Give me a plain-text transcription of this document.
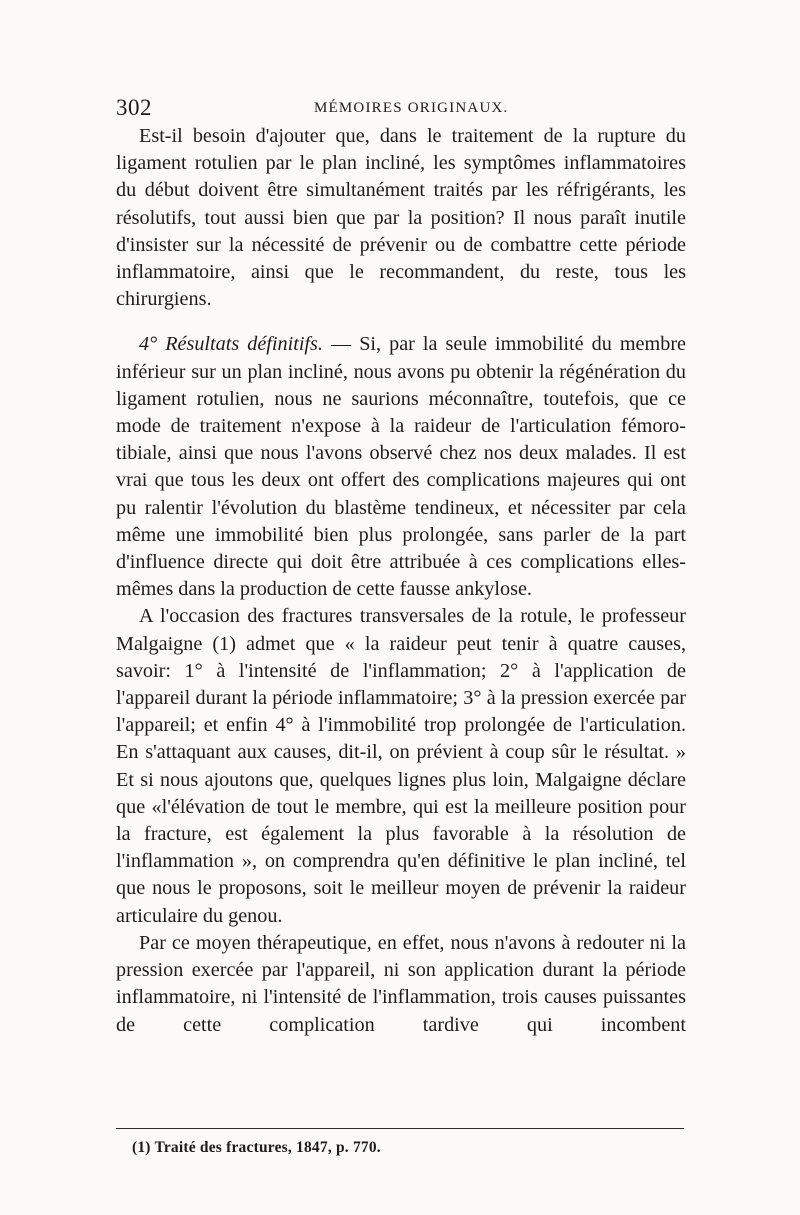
302	MÉMOIRES ORIGINAUX.

Est-il besoin d'ajouter que, dans le traitement de la rupture du ligament rotulien par le plan incliné, les symptômes inflammatoires du début doivent être simultanément traités par les réfrigérants, les résolutifs, tout aussi bien que par la position? Il nous paraît inutile d'insister sur la nécessité de prévenir ou de combattre cette période inflammatoire, ainsi que le recommandent, du reste, tous les chirurgiens.

4° Résultats définitifs. — Si, par la seule immobilité du membre inférieur sur un plan incliné, nous avons pu obtenir la régénération du ligament rotulien, nous ne saurions méconnaître, toutefois, que ce mode de traitement n'expose à la raideur de l'articulation fémoro-tibiale, ainsi que nous l'avons observé chez nos deux malades. Il est vrai que tous les deux ont offert des complications majeures qui ont pu ralentir l'évolution du blastème tendineux, et nécessiter par cela même une immobilité bien plus prolongée, sans parler de la part d'influence directe qui doit être attribuée à ces complications elles-mêmes dans la production de cette fausse ankylose.

A l'occasion des fractures transversales de la rotule, le professeur Malgaigne (1) admet que « la raideur peut tenir à quatre causes, savoir: 1° à l'intensité de l'inflammation; 2° à l'application de l'appareil durant la période inflammatoire; 3° à la pression exercée par l'appareil; et enfin 4° à l'immobilité trop prolongée de l'articulation. En s'attaquant aux causes, dit-il, on prévient à coup sûr le résultat. » Et si nous ajoutons que, quelques lignes plus loin, Malgaigne déclare que «l'élévation de tout le membre, qui est la meilleure position pour la fracture, est également la plus favorable à la résolution de l'inflammation », on comprendra qu'en définitive le plan incliné, tel que nous le proposons, soit le meilleur moyen de prévenir la raideur articulaire du genou.

Par ce moyen thérapeutique, en effet, nous n'avons à redouter ni la pression exercée par l'appareil, ni son application durant la période inflammatoire, ni l'intensité de l'inflammation, trois causes puissantes de cette complication tardive qui incombent

(1) Traité des fractures, 1847, p. 770.
